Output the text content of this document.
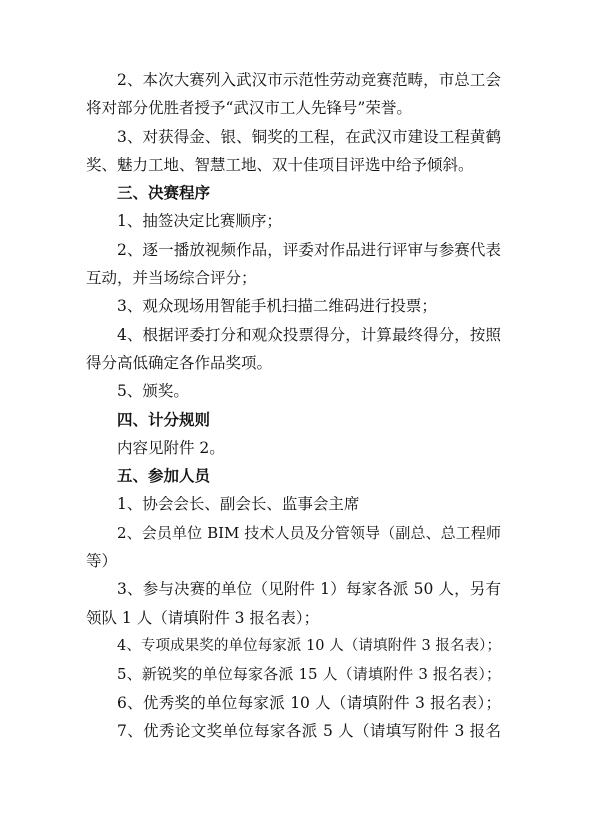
2、本次大赛列入武汉市示范性劳动竞赛范畴，市总工会
将对部分优胜者授予“武汉市工人先锋号”荣誉。
3、对获得金、银、铜奖的工程，在武汉市建设工程黄鹤
奖、魅力工地、智慧工地、双十佳项目评选中给予倾斜。
三、决赛程序
1、抽签决定比赛顺序；
2、逐一播放视频作品，评委对作品进行评审与参赛代表
互动，并当场综合评分；
3、观众现场用智能手机扫描二维码进行投票；
4、根据评委打分和观众投票得分，计算最终得分，按照
得分高低确定各作品奖项。
5、颁奖。
四、计分规则
内容见附件 2。
五、参加人员
1、协会会长、副会长、监事会主席
2、会员单位 BIM 技术人员及分管领导（副总、总工程师
等）
3、参与决赛的单位（见附件 1）每家各派 50 人，另有
领队 1 人（请填附件 3 报名表）；
4、专项成果奖的单位每家派 10 人（请填附件 3 报名表）；
5、新锐奖的单位每家各派 15 人（请填附件 3 报名表）；
6、优秀奖的单位每家派 10 人（请填附件 3 报名表）；
7、优秀论文奖单位每家各派 5 人（请填写附件 3 报名
